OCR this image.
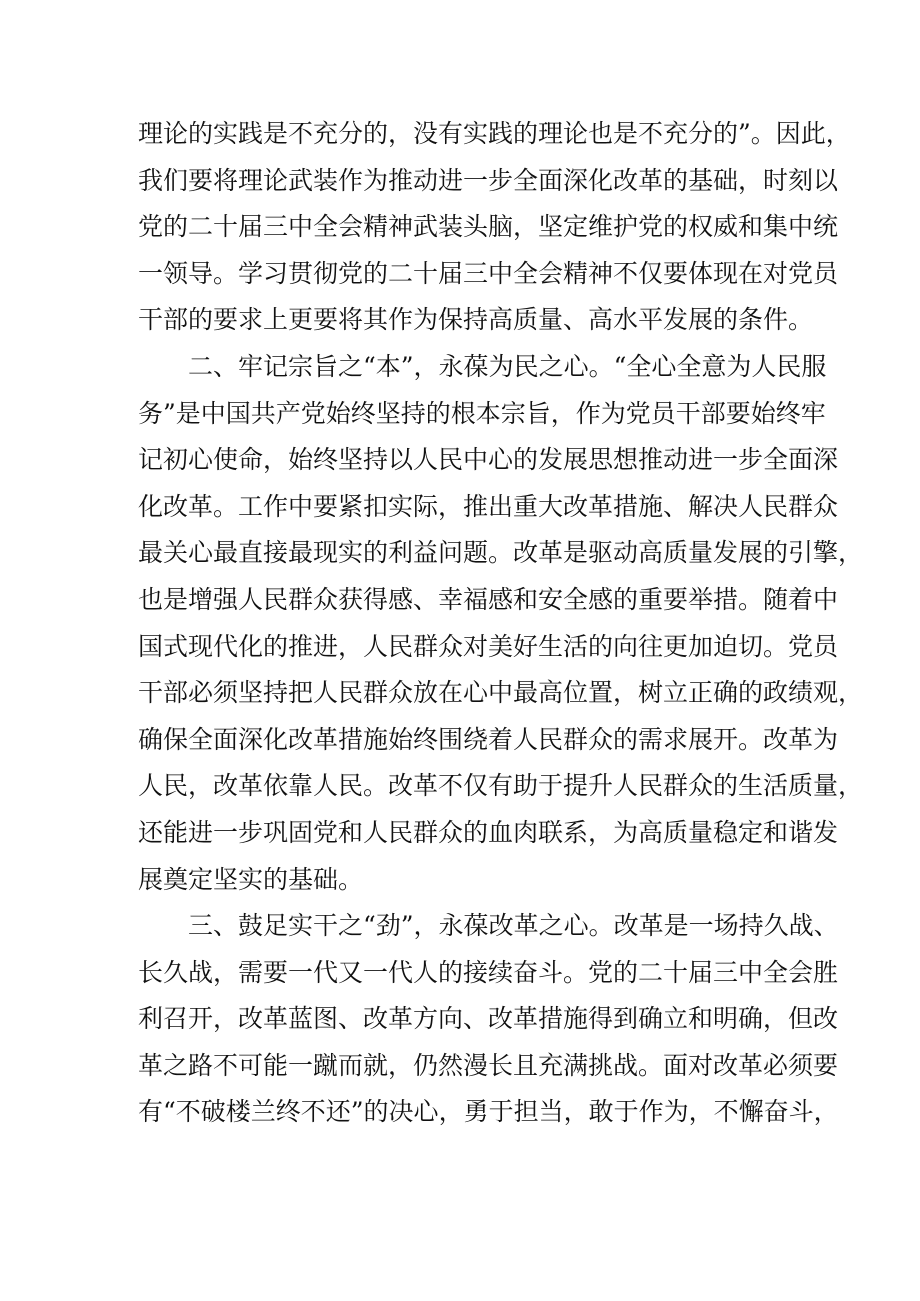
理论的实践是不充分的，没有实践的理论也是不充分的”。因此，
我们要将理论武装作为推动进一步全面深化改革的基础，时刻以
党的二十届三中全会精神武装头脑，坚定维护党的权威和集中统
一领导。学习贯彻党的二十届三中全会精神不仅要体现在对党员
干部的要求上更要将其作为保持高质量、高水平发展的条件。
二、牢记宗旨之“本”，永葆为民之心。“全心全意为人民服
务”是中国共产党始终坚持的根本宗旨，作为党员干部要始终牢
记初心使命，始终坚持以人民中心的发展思想推动进一步全面深
化改革。工作中要紧扣实际，推出重大改革措施、解决人民群众
最关心最直接最现实的利益问题。改革是驱动高质量发展的引擎，
也是增强人民群众获得感、幸福感和安全感的重要举措。随着中
国式现代化的推进，人民群众对美好生活的向往更加迫切。党员
干部必须坚持把人民群众放在心中最高位置，树立正确的政绩观，
确保全面深化改革措施始终围绕着人民群众的需求展开。改革为
人民，改革依靠人民。改革不仅有助于提升人民群众的生活质量，
还能进一步巩固党和人民群众的血肉联系，为高质量稳定和谐发
展奠定坚实的基础。
三、鼓足实干之“劲”，永葆改革之心。改革是一场持久战、
长久战，需要一代又一代人的接续奋斗。党的二十届三中全会胜
利召开，改革蓝图、改革方向、改革措施得到确立和明确，但改
革之路不可能一蹴而就，仍然漫长且充满挑战。面对改革必须要
有“不破楼兰终不还”的决心，勇于担当，敢于作为，不懈奋斗，
